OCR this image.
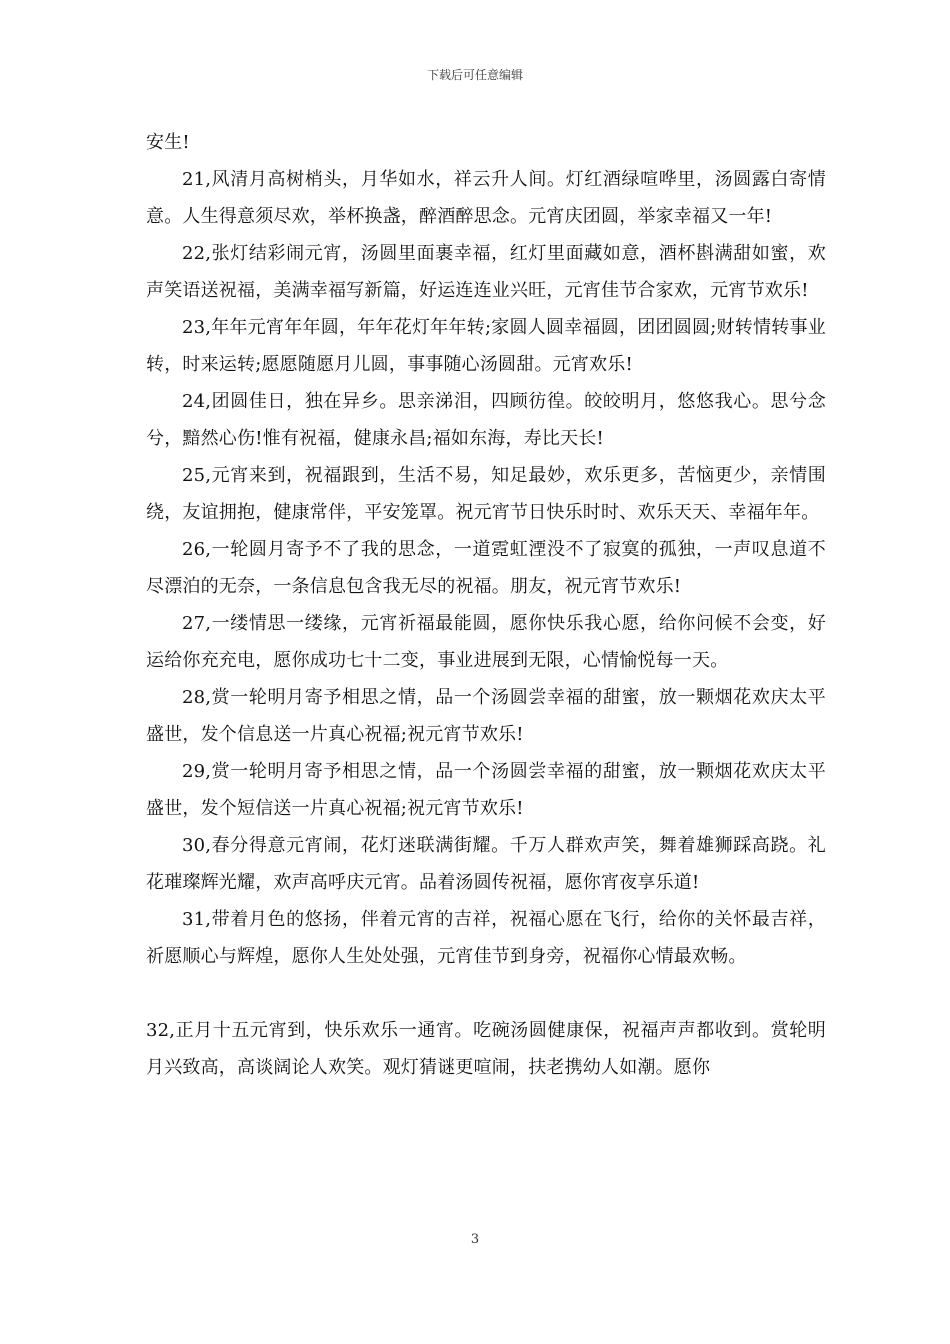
下载后可任意编辑

安生!

21,风清月高树梢头，月华如水，祥云升人间。灯红酒绿喧哗里，汤圆露白寄情意。人生得意须尽欢，举杯换盏，醉酒醉思念。元宵庆团圆，举家幸福又一年!

22,张灯结彩闹元宵，汤圆里面裹幸福，红灯里面藏如意，酒杯斟满甜如蜜，欢声笑语送祝福，美满幸福写新篇，好运连连业兴旺，元宵佳节合家欢，元宵节欢乐!

23,年年元宵年年圆，年年花灯年年转;家圆人圆幸福圆，团团圆圆;财转情转事业转，时来运转;愿愿随愿月儿圆，事事随心汤圆甜。元宵欢乐!

24,团圆佳日，独在异乡。思亲涕泪，四顾彷徨。皎皎明月，悠悠我心。思兮念兮，黯然心伤!惟有祝福，健康永昌;福如东海，寿比天长!

25,元宵来到，祝福跟到，生活不易，知足最妙，欢乐更多，苦恼更少，亲情围绕，友谊拥抱，健康常伴，平安笼罩。祝元宵节日快乐时时、欢乐天天、幸福年年。

26,一轮圆月寄予不了我的思念，一道霓虹湮没不了寂寞的孤独，一声叹息道不尽漂泊的无奈，一条信息包含我无尽的祝福。朋友，祝元宵节欢乐!

27,一缕情思一缕缘，元宵祈福最能圆，愿你快乐我心愿，给你问候不会变，好运给你充充电，愿你成功七十二变，事业进展到无限，心情愉悦每一天。

28,赏一轮明月寄予相思之情，品一个汤圆尝幸福的甜蜜，放一颗烟花欢庆太平盛世，发个信息送一片真心祝福;祝元宵节欢乐!

29,赏一轮明月寄予相思之情，品一个汤圆尝幸福的甜蜜，放一颗烟花欢庆太平盛世，发个短信送一片真心祝福;祝元宵节欢乐!

30,春分得意元宵闹，花灯迷联满街耀。千万人群欢声笑，舞着雄狮踩高跷。礼花璀璨辉光耀，欢声高呼庆元宵。品着汤圆传祝福，愿你宵夜享乐道!

31,带着月色的悠扬，伴着元宵的吉祥，祝福心愿在飞行，给你的关怀最吉祥，祈愿顺心与辉煌，愿你人生处处强，元宵佳节到身旁，祝福你心情最欢畅。

32,正月十五元宵到，快乐欢乐一通宵。吃碗汤圆健康保，祝福声声都收到。赏轮明月兴致高，高谈阔论人欢笑。观灯猜谜更喧闹，扶老携幼人如潮。愿你

3
